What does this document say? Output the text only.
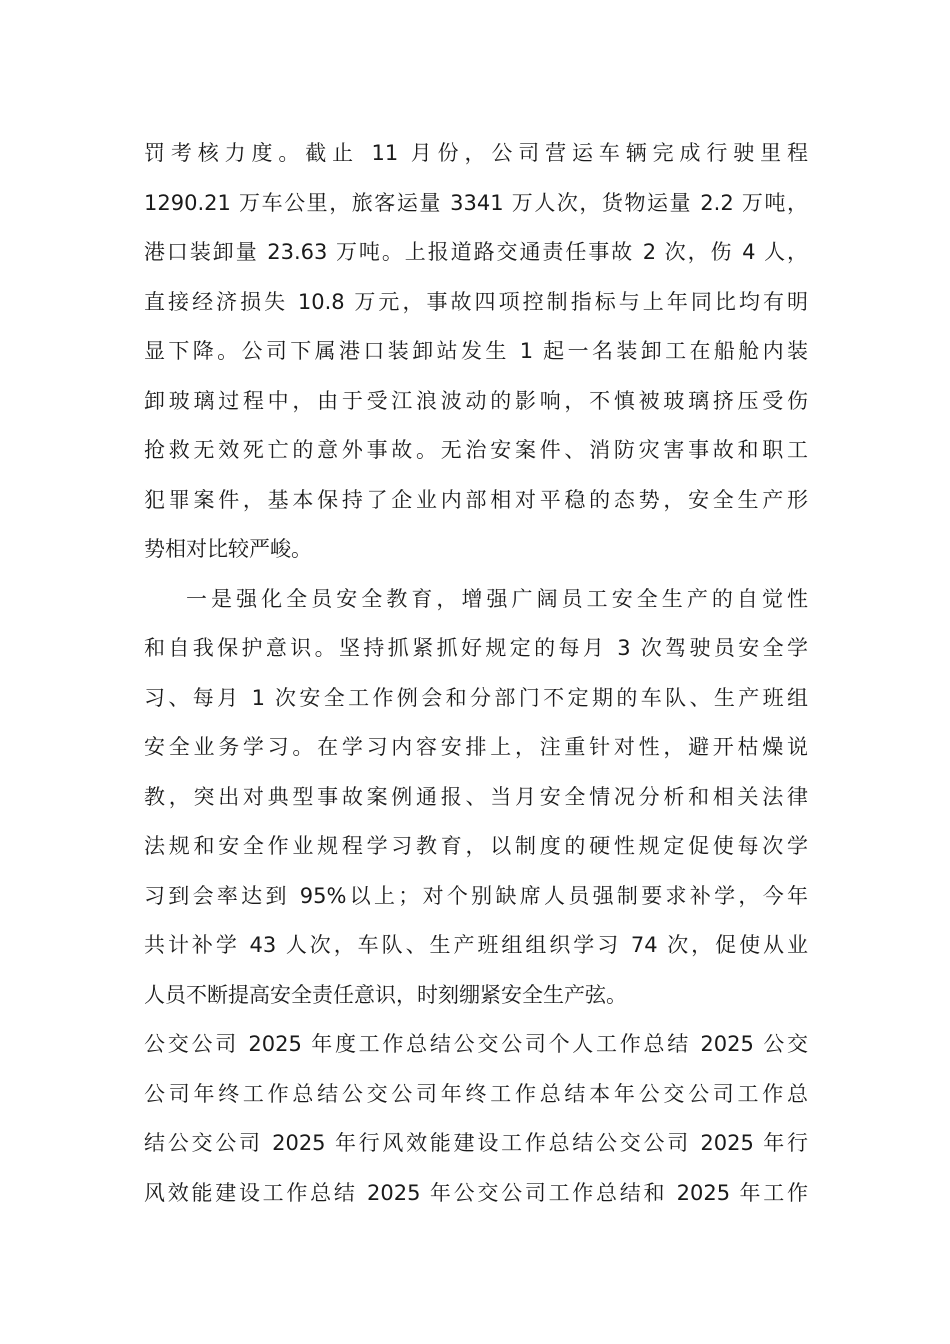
罚考核力度。截止 11 月份，公司营运车辆完成行驶里程
1290.21 万车公里，旅客运量 3341 万人次，货物运量 2.2 万吨，
港口装卸量 23.63 万吨。上报道路交通责任事故 2 次，伤 4 人，
直接经济损失 10.8 万元，事故四项控制指标与上年同比均有明
显下降。公司下属港口装卸站发生 1 起一名装卸工在船舱内装
卸玻璃过程中，由于受江浪波动的影响，不慎被玻璃挤压受伤
抢救无效死亡的意外事故。无治安案件、消防灾害事故和职工
犯罪案件，基本保持了企业内部相对平稳的态势，安全生产形
势相对比较严峻。
一是强化全员安全教育，增强广阔员工安全生产的自觉性
和自我保护意识。坚持抓紧抓好规定的每月 3 次驾驶员安全学
习、每月 1 次安全工作例会和分部门不定期的车队、生产班组
安全业务学习。在学习内容安排上，注重针对性，避开枯燥说
教，突出对典型事故案例通报、当月安全情况分析和相关法律
法规和安全作业规程学习教育，以制度的硬性规定促使每次学
习到会率达到 95%以上；对个别缺席人员强制要求补学，今年
共计补学 43 人次，车队、生产班组组织学习 74 次，促使从业
人员不断提高安全责任意识，时刻绷紧安全生产弦。
公交公司 2025 年度工作总结公交公司个人工作总结 2025 公交
公司年终工作总结公交公司年终工作总结本年公交公司工作总
结公交公司 2025 年行风效能建设工作总结公交公司 2025 年行
风效能建设工作总结 2025 年公交公司工作总结和 2025 年工作
